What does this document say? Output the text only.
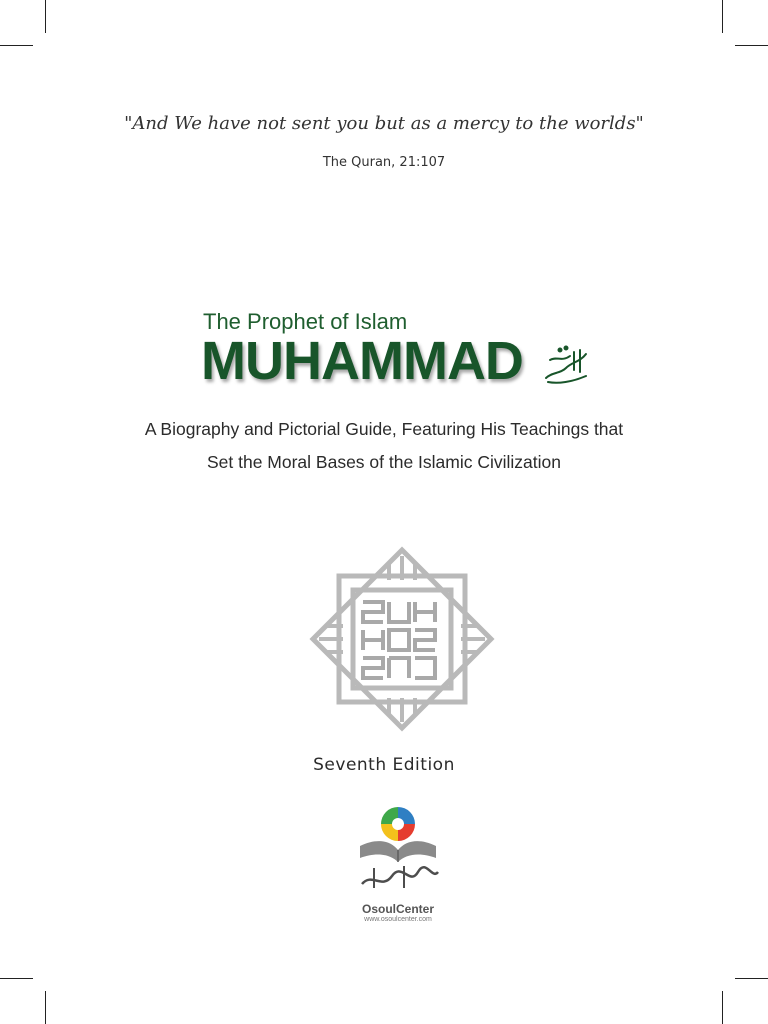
"And We have not sent you but as a mercy to the worlds"
The Quran, 21:107
The Prophet of Islam
MUHAMMAD
A Biography and Pictorial Guide, Featuring His Teachings that
Set the Moral Bases of the Islamic Civilization
Seventh Edition
OsoulCenter
www.osoulcenter.com
